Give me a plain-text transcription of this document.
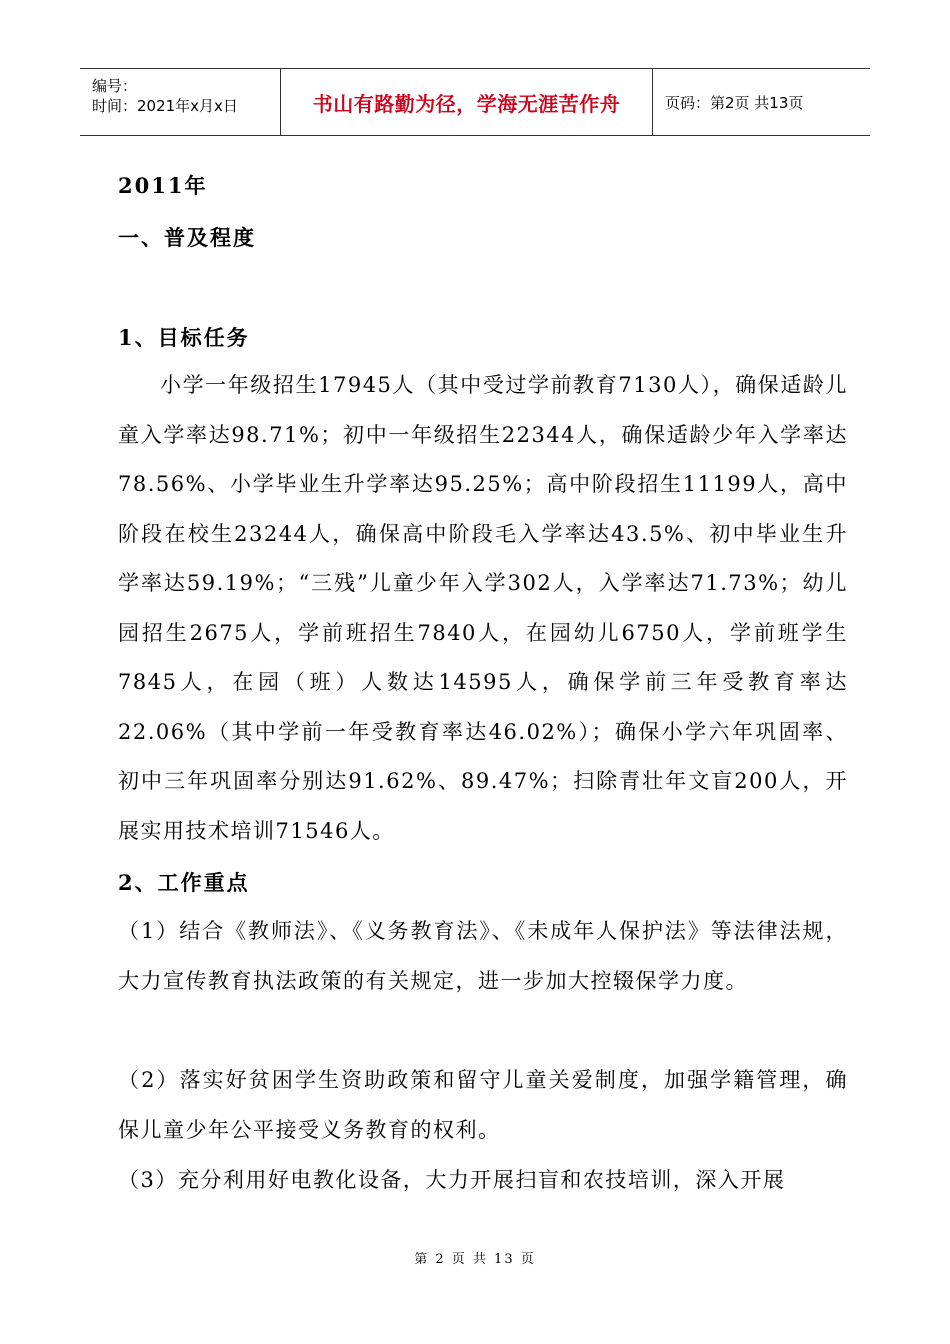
编号：
时间：2021年x月x日	书山有路勤为径，学海无涯苦作舟	页码：第2页 共13页
2011年
一、普及程度
1、目标任务

小学一年级招生17945人（其中受过学前教育7130人），确保适龄儿童入学率达98.71%；初中一年级招生22344人，确保适龄少年入学率达78.56%、小学毕业生升学率达95.25%；高中阶段招生11199人，高中阶段在校生23244人，确保高中阶段毛入学率达43.5%、初中毕业生升学率达59.19%；“三残”儿童少年入学302人，入学率达71.73%；幼儿园招生2675人，学前班招生7840人，在园幼儿6750人，学前班学生7845人，在园（班）人数达14595人，确保学前三年受教育率达22.06%（其中学前一年受教育率达46.02%）；确保小学六年巩固率、初中三年巩固率分别达91.62%、89.47%；扫除青壮年文盲200人，开展实用技术培训71546人。

2、工作重点

（1）结合《教师法》、《义务教育法》、《未成年人保护法》等法律法规，大力宣传教育执法政策的有关规定，进一步加大控辍保学力度。

（2）落实好贫困学生资助政策和留守儿童关爱制度，加强学籍管理，确保儿童少年公平接受义务教育的权利。

（3）充分利用好电教化设备，大力开展扫盲和农技培训，深入开展

第 2 页 共 13 页
